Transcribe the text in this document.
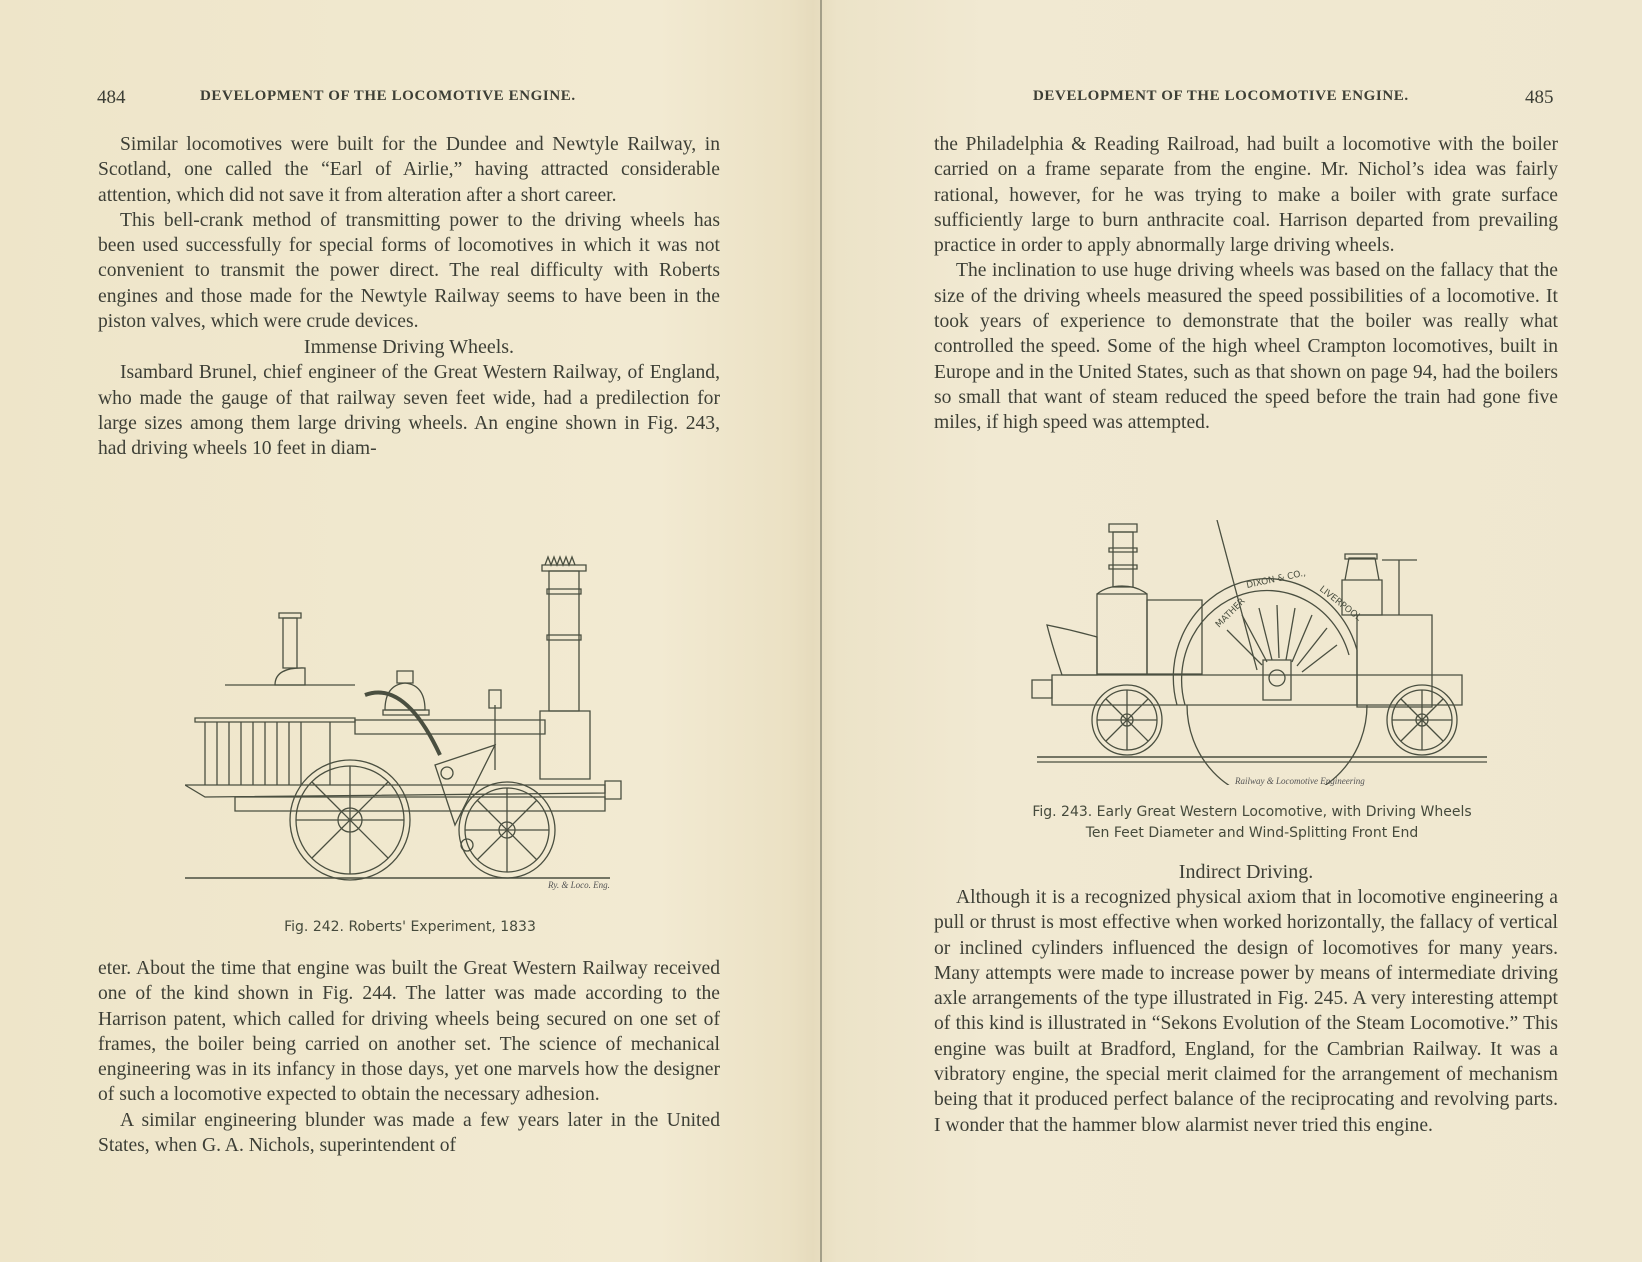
484	DEVELOPMENT OF THE LOCOMOTIVE ENGINE.

Similar locomotives were built for the Dundee and Newtyle Railway, in Scotland, one called the “Earl of Airlie,” having attracted considerable attention, which did not save it from alteration after a short career.

This bell-crank method of transmitting power to the driving wheels has been used successfully for special forms of locomotives in which it was not convenient to transmit the power direct. The real difficulty with Roberts engines and those made for the Newtyle Railway seems to have been in the piston valves, which were crude devices.

Immense Driving Wheels.

Isambard Brunel, chief engineer of the Great Western Railway, of England, who made the gauge of that railway seven feet wide, had a predilection for large sizes among them large driving wheels. An engine shown in Fig. 243, had driving wheels 10 feet in diam-

Ry. & Loco. Eng.
Fig. 242. Roberts' Experiment, 1833

eter. About the time that engine was built the Great Western Railway received one of the kind shown in Fig. 244. The latter was made according to the Harrison patent, which called for driving wheels being secured on one set of frames, the boiler being carried on another set. The science of mechanical engineering was in its infancy in those days, yet one marvels how the designer of such a locomotive expected to obtain the necessary adhesion.

A similar engineering blunder was made a few years later in the United States, when G. A. Nichols, superintendent of

DEVELOPMENT OF THE LOCOMOTIVE ENGINE.	485

the Philadelphia & Reading Railroad, had built a locomotive with the boiler carried on a frame separate from the engine. Mr. Nichol’s idea was fairly rational, however, for he was trying to make a boiler with grate surface sufficiently large to burn anthracite coal. Harrison departed from prevailing practice in order to apply abnormally large driving wheels.

The inclination to use huge driving wheels was based on the fallacy that the size of the driving wheels measured the speed possibilities of a locomotive. It took years of experience to demonstrate that the boiler was really what controlled the speed. Some of the high wheel Crampton locomotives, built in Europe and in the United States, such as that shown on page 94, had the boilers so small that want of steam reduced the speed before the train had gone five miles, if high speed was attempted.

MATHER
DIXON & CO.,
LIVERPOOL
Railway & Locomotive Engineering
Fig. 243. Early Great Western Locomotive, with Driving Wheels
Ten Feet Diameter and Wind-Splitting Front End
Indirect Driving.

Although it is a recognized physical axiom that in locomotive engineering a pull or thrust is most effective when worked horizontally, the fallacy of vertical or inclined cylinders influenced the design of locomotives for many years. Many attempts were made to increase power by means of intermediate driving axle arrangements of the type illustrated in Fig. 245. A very interesting attempt of this kind is illustrated in “Sekons Evolution of the Steam Locomotive.” This engine was built at Bradford, England, for the Cambrian Railway. It was a vibratory engine, the special merit claimed for the arrangement of mechanism being that it produced perfect balance of the reciprocating and revolving parts. I wonder that the hammer blow alarmist never tried this engine.
